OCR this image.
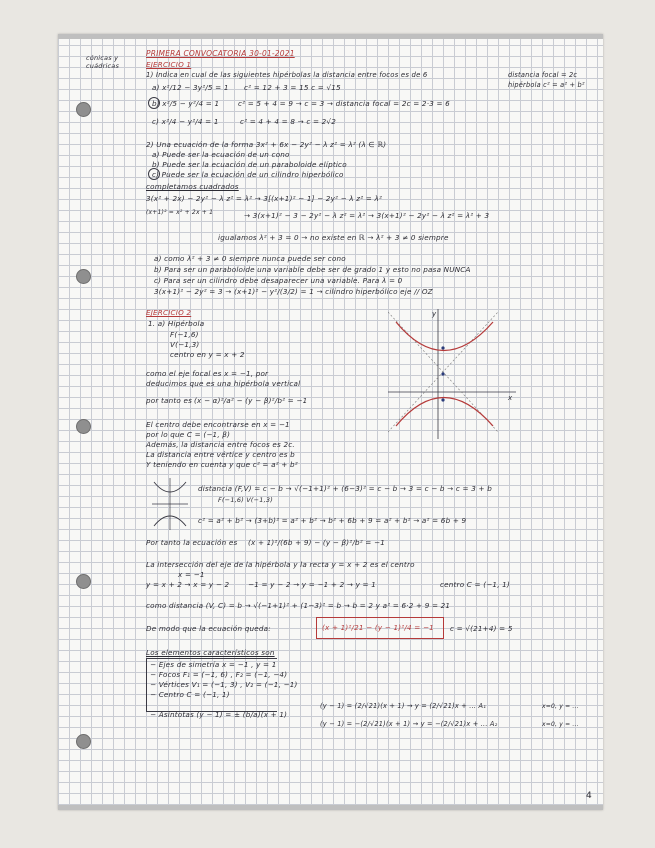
cónicas y cuádricas
PRIMERA CONVOCATORIA 30-01-2021
EJERCICIO 1
1) Indica en cual de las siguientes hipérbolas la distancia entre focos es de 6	distancia focal = 2c
hipérbola c² = a² + b²
a) x²/12 − 3y²/5 = 1 c² = 12 + 3 = 15 c = √15
b) x²/5 − y²/4 = 1	c² = 5 + 4 = 9 → c = 3 → distancia focal = 2c = 2·3 = 6
c) x²/4 − y²/4 = 1	c² = 4 + 4 = 8 → c = 2√2
2) Una ecuación de la forma 3x² + 6x − 2y² − λ z² = λ² (λ ∈ ℝ)
a) Puede ser la ecuación de un cono
b) Puede ser la ecuación de un paraboloide elíptico
c) Puede ser la ecuación de un cilindro hiperbólico
completamos cuadrados
3(x² + 2x) − 2y² − λ z² = λ² → 3[(x+1)² − 1] − 2y² − λ z² = λ²
(x+1)² = x² + 2x + 1	→ 3(x+1)² − 3 − 2y² − λ z² = λ² → 3(x+1)² − 2y² − λ z² = λ² + 3
igualamos λ² + 3 = 0 → no existe en ℝ → λ² + 3 ≠ 0 siempre
a) como λ² + 3 ≠ 0 siempre nunca puede ser cono
b) Para ser un paraboloide una variable debe ser de grado 1 y esto no pasa NUNCA
c) Para ser un cilindro debe desaparecer una variable. Para λ = 0
3(x+1)² − 2y² = 3 → (x+1)² − y²/(3/2) = 1 → cilindro hiperbólico eje // OZ
EJERCICIO 2
1. a) Hipérbola
F(−1,6)
V(−1,3)
centro en y = x + 2
como el eje focal es x = −1, por
deducimos que es una hipérbola vertical
por tanto es (x − α)²/a² − (y − β)²/b² = −1
El centro debe encontrarse en x = −1
por lo que C = (−1, β)
Además, la distancia entre focos es 2c.
La distancia entre vértice y centro es b
Y teniendo en cuenta y que c² = a² + b²
y
x
distancia (F,V) = c − b → √(−1+1)² + (6−3)² = c − b → 3 = c − b → c = 3 + b
F(−1,6) V(−1,3)
c² = a² + b² → (3+b)² = a² + b² → b² + 6b + 9 = a² + b² → a² = 6b + 9
Por tanto la ecuación es (x + 1)²/(6b + 9) − (y − β)²/b² = −1
La intersección del eje de la hipérbola y la recta y = x + 2 es el centro
x = −1
y = x + 2 → x = y − 2	−1 = y − 2 → y = −1 + 2 → y = 1	centro C = (−1, 1)
como distancia (V, C) = b → √(−1+1)² + (1−3)² = b → b = 2 y a² = 6·2 + 9 = 21
De modo que la ecuación queda:	(x + 1)²/21 − (y − 1)²/4 = −1 c = √(21+4) = 5
Los elementos característicos son
− Ejes de simetría x = −1 , y = 1
− Focos F₁ = (−1, 6) , F₂ = (−1, −4)
− Vértices V₁ = (−1, 3) , V₂ = (−1, −1)
− Centro C = (−1, 1)
− Asíntotas (y − 1) = ± (b/a)(x + 1)
(y − 1) = (2/√21)(x + 1) → y = (2/√21)x + ... A₁
(y − 1) = −(2/√21)(x + 1) → y = −(2/√21)x + ... A₂
x=0, y = ...
x=0, y = ...
4
